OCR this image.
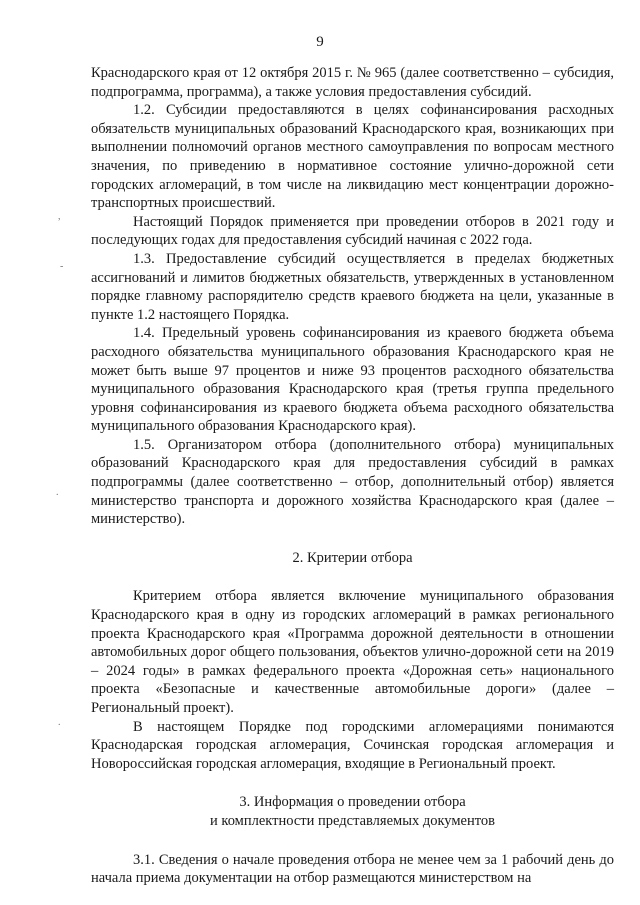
9
,
-
.
.

Краснодарского края от 12 октября 2015 г. № 965 (далее соответственно – субсидия, подпрограмма, программа), а также условия предоставления субсидий.

1.2. Субсидии предоставляются в целях софинансирования расходных обязательств муниципальных образований Краснодарского края, возникающих при выполнении полномочий органов местного самоуправления по вопросам местного значения, по приведению в нормативное состояние улично-дорожной сети городских агломераций, в том числе на ликвидацию мест концентрации дорожно-транспортных происшествий.

Настоящий Порядок применяется при проведении отборов в 2021 году и последующих годах для предоставления субсидий начиная с 2022 года.

1.3. Предоставление субсидий осуществляется в пределах бюджетных ассигнований и лимитов бюджетных обязательств, утвержденных в установленном порядке главному распорядителю средств краевого бюджета на цели, указанные в пункте 1.2 настоящего Порядка.

1.4. Предельный уровень софинансирования из краевого бюджета объема расходного обязательства муниципального образования Краснодарского края не может быть выше 97 процентов и ниже 93 процентов расходного обязательства муниципального образования Краснодарского края (третья группа предельного уровня софинансирования из краевого бюджета объема расходного обязательства муниципального образования Краснодарского края).

1.5. Организатором отбора (дополнительного отбора) муниципальных образований Краснодарского края для предоставления субсидий в рамках подпрограммы (далее соответственно – отбор, дополнительный отбор) является министерство транспорта и дорожного хозяйства Краснодарского края (далее – министерство).

2. Критерии отбора

Критерием отбора является включение муниципального образования Краснодарского края в одну из городских агломераций в рамках регионального проекта Краснодарского края «Программа дорожной деятельности в отношении автомобильных дорог общего пользования, объектов улично-дорожной сети на 2019 – 2024 годы» в рамках федерального проекта «Дорожная сеть» национального проекта «Безопасные и качественные автомобильные дороги» (далее – Региональный проект).

В настоящем Порядке под городскими агломерациями понимаются Краснодарская городская агломерация, Сочинская городская агломерация и Новороссийская городская агломерация, входящие в Региональный проект.

3. Информация о проведении отбора

и комплектности представляемых документов

3.1. Сведения о начале проведения отбора не менее чем за 1 рабочий день до начала приема документации на отбор размещаются министерством на
